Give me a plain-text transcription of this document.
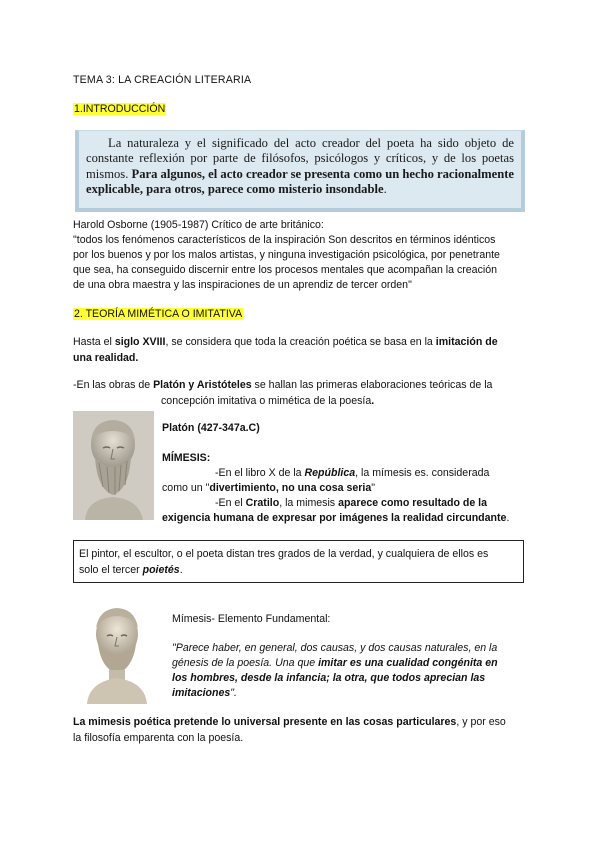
TEMA 3: LA CREACIÓN LITERARIA
1.INTRODUCCIÓN
La naturaleza y el significado del acto creador del poeta ha sido objeto de constante reflexión por parte de filósofos, psicólogos y críticos, y de los poetas mismos. Para algunos, el acto creador se presenta como un hecho racionalmente explicable, para otros, parece como misterio insondable.
Harold Osborne (1905-1987) Crítico de arte británico:
"todos los fenómenos característicos de la inspiración Son descritos en términos idénticos
por los buenos y por los malos artistas, y ninguna investigación psicológica, por penetrante
que sea, ha conseguido discernir entre los procesos mentales que acompañan la creación
de una obra maestra y las inspiraciones de un aprendiz de tercer orden"
2. TEORÍA MIMÉTICA O IMITATIVA
Hasta el siglo XVIII, se considera que toda la creación poética se basa en la imitación de
una realidad.
-En las obras de Platón y Aristóteles se hallan las primeras elaboraciones teóricas de la
concepción imitativa o mimética de la poesía.
Platón (427-347a.C)
MÍMESIS:
-En el libro X de la República, la mímesis es. considerada
como un "divertimiento, no una cosa seria"
-En el Cratilo, la mimesis aparece como resultado de la
exigencia humana de expresar por imágenes la realidad circundante.
El pintor, el escultor, o el poeta distan tres grados de la verdad, y cualquiera de ellos es
solo el tercer poietés.
Mímesis- Elemento Fundamental:
"Parece haber, en general, dos causas, y dos causas naturales, en la
génesis de la poesía. Una que imitar es una cualidad congénita en
los hombres, desde la infancia; la otra, que todos aprecian las
imitaciones".
La mimesis poética pretende lo universal presente en las cosas particulares, y por eso
la filosofía emparenta con la poesía.
